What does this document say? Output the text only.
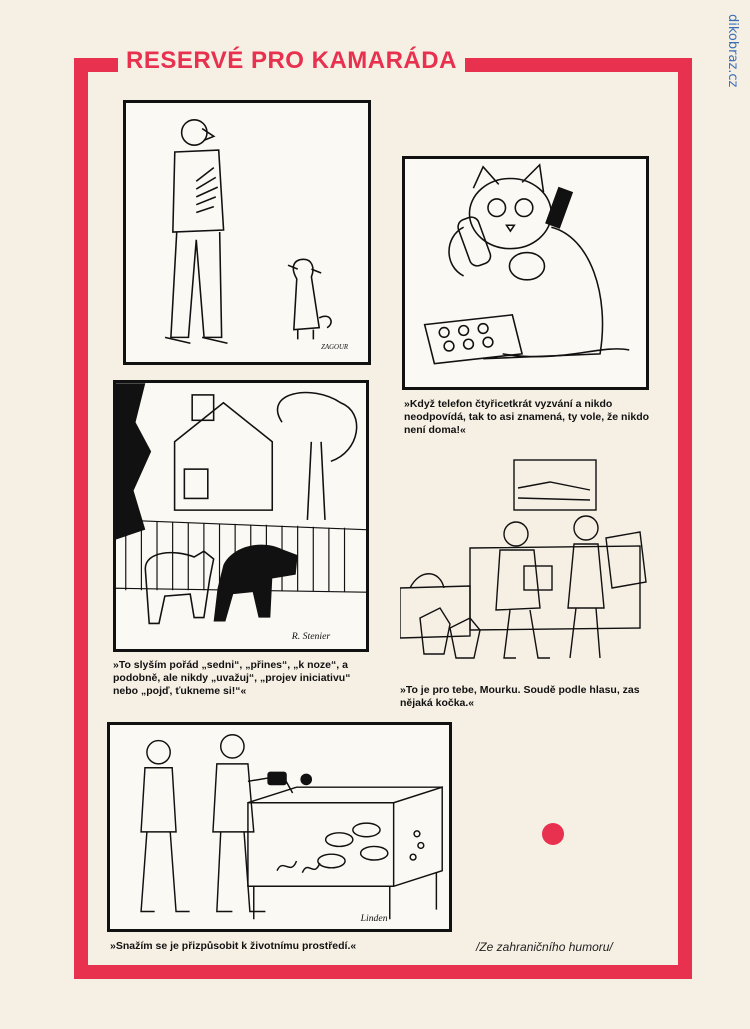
dikobraz.cz
RESERVÉ PRO KAMARÁDA
ZAGOUR
»Když telefon čtyřicetkrát vyzvání a nikdo neodpovídá, tak to asi znamená, ty vole, že nikdo není doma!«
R. Stenier
»To slyším pořád „sedni“, „přines“, „k noze“, a podobně, ale nikdy „uvažuj“, „projev iniciativu“ nebo „pojď, ťukneme si!“«	»To je pro tebe, Mourku. Soudě podle hlasu, zas nějaká kočka.«
Linden
»Snažím se je přizpůsobit k životnímu prostředí.«	/Ze zahraničního humoru/
